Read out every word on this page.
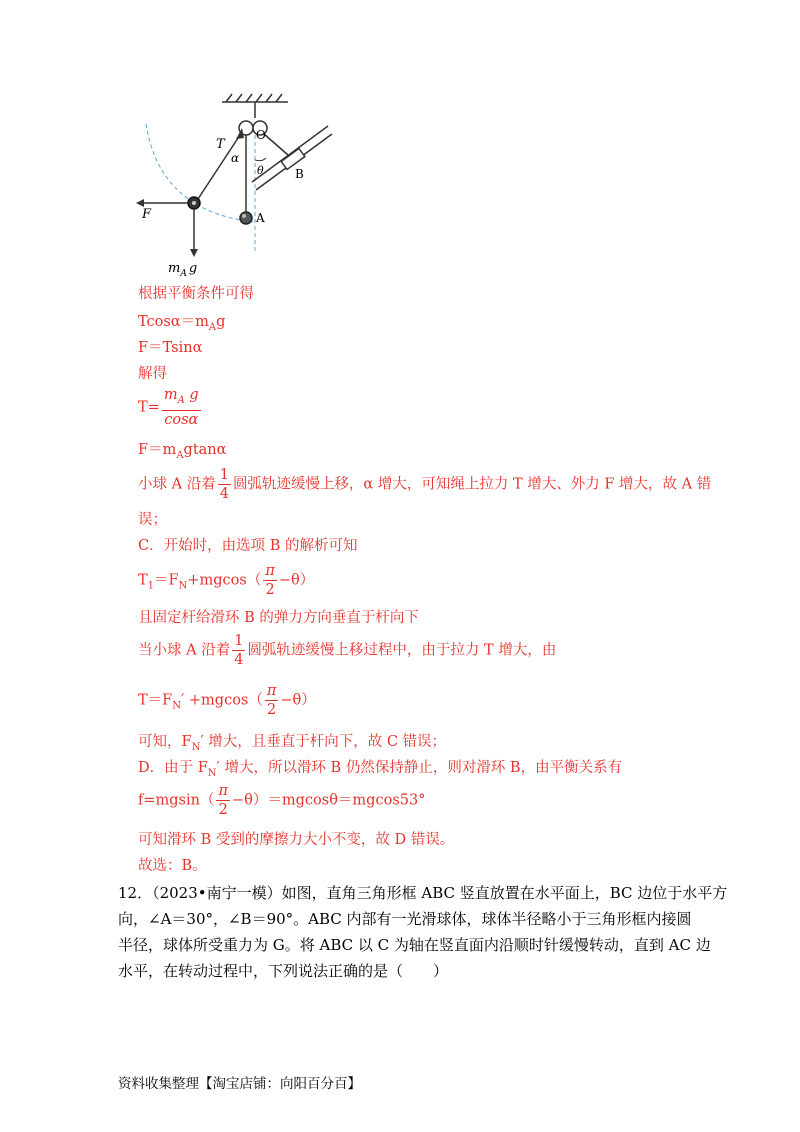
T
α
O
θ	B
A
F
$m_A$ g
根据平衡条件可得
$Tcos\alpha=m_Ag$
F＝Tsinα
解得
$T= \frac{m_A g}{\cos\alpha}$
$F=m_Agtan\alpha$
小球 A 沿着 $\frac{1}{4}$ 圆弧轨迹缓慢上移，α 增大，可知绳上拉力 T 增大、外力 F 增大，故 A 错
误；
C．开始时，由选项 B 的解析可知
$T_1=F_N+mgcos( \frac{\pi}{2} -\theta)$
且固定杆给滑环 B 的弹力方向垂直于杆向下
当小球 A 沿着 $\frac{1}{4}$ 圆弧轨迹缓慢上移过程中，由于拉力 T 增大，由
$T=F_N' +mgcos( \frac{\pi}{2} -\theta)$
可知，$F_N'$ 增大，且垂直于杆向下，故 C 错误；
D．由于 $F_N'$ 增大，所以滑环 B 仍然保持静止，则对滑环 B，由平衡关系有
$f=mgsin( \frac{\pi}{2} -\theta)=mgcos\theta=mgcos53^\circ$
可知滑环 B 受到的摩擦力大小不变，故 D 错误。
故选：B。
12．（2023•南宁一模）如图，直角三角形框 ABC 竖直放置在水平面上，BC 边位于水平方
向，∠A＝30°，∠B＝90°。ABC 内部有一光滑球体，球体半径略小于三角形框内接圆
半径，球体所受重力为 G。将 ABC 以 C 为轴在竖直面内沿顺时针缓慢转动，直到 AC 边
水平，在转动过程中，下列说法正确的是（　　）
资料收集整理【淘宝店铺：向阳百分百】
